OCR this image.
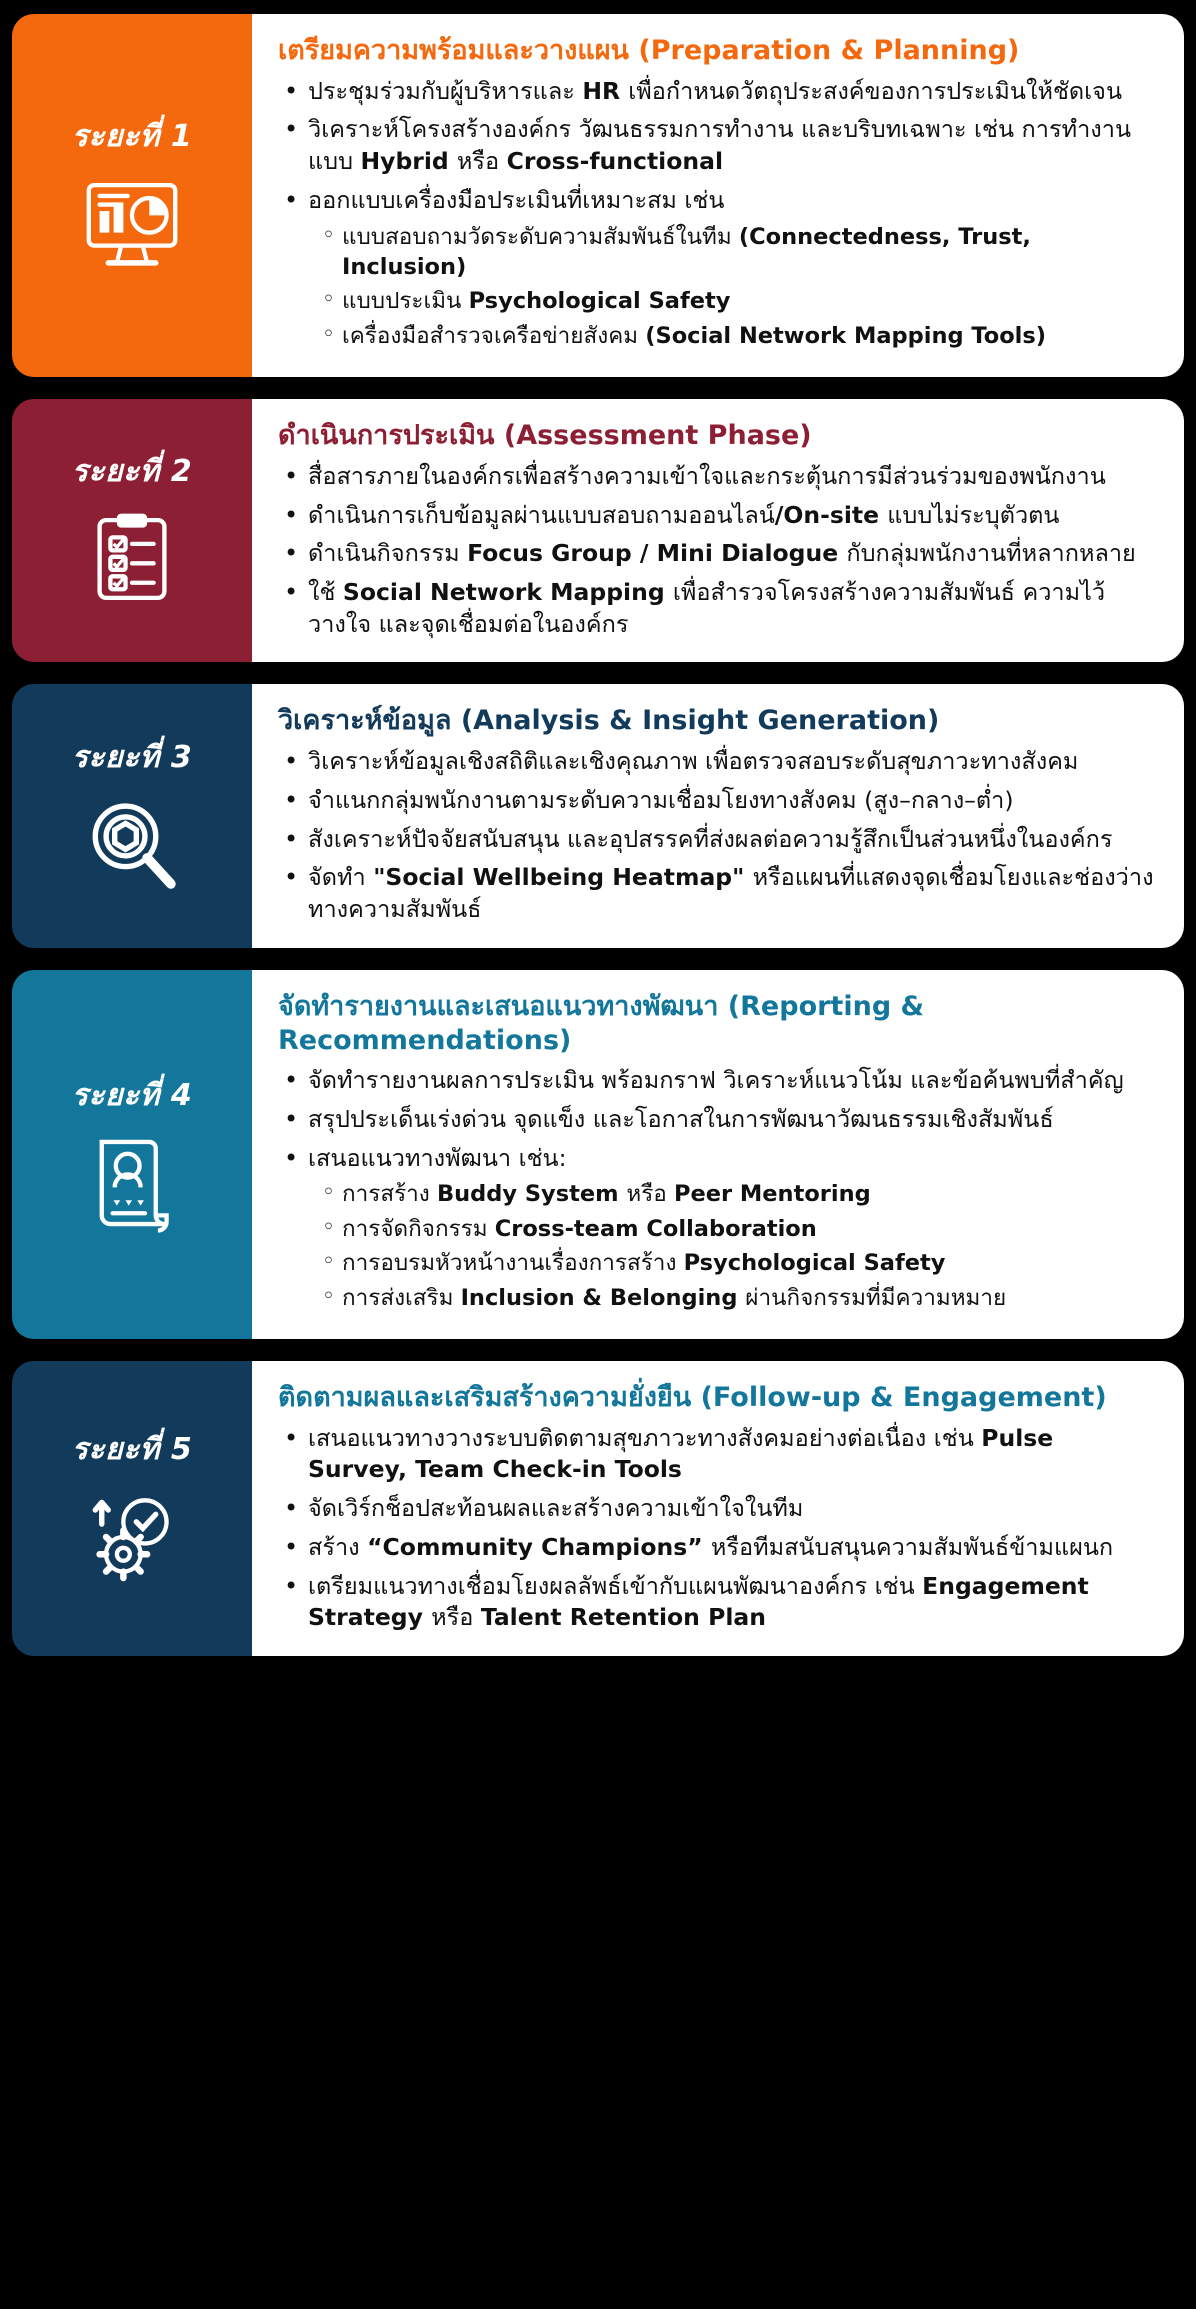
ระยะที่ 1
เตรียมความพร้อมและวางแผน (Preparation & Planning)
• ประชุมร่วมกับผู้บริหารและ HR เพื่อกำหนดวัตถุประสงค์ของการประเมินให้ชัดเจน
• วิเคราะห์โครงสร้างองค์กร วัฒนธรรมการทำงาน และบริบทเฉพาะ เช่น การทำงานแบบ Hybrid หรือ Cross-functional
• ออกแบบเครื่องมือประเมินที่เหมาะสม เช่น
◦ แบบสอบถามวัดระดับความสัมพันธ์ในทีม (Connectedness, Trust, Inclusion)
◦ แบบประเมิน Psychological Safety
◦ เครื่องมือสำรวจเครือข่ายสังคม (Social Network Mapping Tools)
ระยะที่ 2
ดำเนินการประเมิน (Assessment Phase)
• สื่อสารภายในองค์กรเพื่อสร้างความเข้าใจและกระตุ้นการมีส่วนร่วมของพนักงาน
• ดำเนินการเก็บข้อมูลผ่านแบบสอบถามออนไลน์/On-site แบบไม่ระบุตัวตน
• ดำเนินกิจกรรม Focus Group / Mini Dialogue กับกลุ่มพนักงานที่หลากหลาย
• ใช้ Social Network Mapping เพื่อสำรวจโครงสร้างความสัมพันธ์ ความไว้วางใจ และจุดเชื่อมต่อในองค์กร
ระยะที่ 3
วิเคราะห์ข้อมูล (Analysis & Insight Generation)
• วิเคราะห์ข้อมูลเชิงสถิติและเชิงคุณภาพ เพื่อตรวจสอบระดับสุขภาวะทางสังคม
• จำแนกกลุ่มพนักงานตามระดับความเชื่อมโยงทางสังคม (สูง–กลาง–ต่ำ)
• สังเคราะห์ปัจจัยสนับสนุน และอุปสรรคที่ส่งผลต่อความรู้สึกเป็นส่วนหนึ่งในองค์กร
• จัดทำ "Social Wellbeing Heatmap" หรือแผนที่แสดงจุดเชื่อมโยงและช่องว่างทางความสัมพันธ์
ระยะที่ 4
จัดทำรายงานและเสนอแนวทางพัฒนา (Reporting & Recommendations)
• จัดทำรายงานผลการประเมิน พร้อมกราฟ วิเคราะห์แนวโน้ม และข้อค้นพบที่สำคัญ
• สรุปประเด็นเร่งด่วน จุดแข็ง และโอกาสในการพัฒนาวัฒนธรรมเชิงสัมพันธ์
• เสนอแนวทางพัฒนา เช่น:
◦ การสร้าง Buddy System หรือ Peer Mentoring
◦ การจัดกิจกรรม Cross-team Collaboration
◦ การอบรมหัวหน้างานเรื่องการสร้าง Psychological Safety
◦ การส่งเสริม Inclusion & Belonging ผ่านกิจกรรมที่มีความหมาย
ระยะที่ 5
ติดตามผลและเสริมสร้างความยั่งยืน (Follow-up & Engagement)
• เสนอแนวทางวางระบบติดตามสุขภาวะทางสังคมอย่างต่อเนื่อง เช่น Pulse Survey, Team Check-in Tools
• จัดเวิร์กช็อปสะท้อนผลและสร้างความเข้าใจในทีม
• สร้าง “Community Champions” หรือทีมสนับสนุนความสัมพันธ์ข้ามแผนก
• เตรียมแนวทางเชื่อมโยงผลลัพธ์เข้ากับแผนพัฒนาองค์กร เช่น Engagement Strategy หรือ Talent Retention Plan
